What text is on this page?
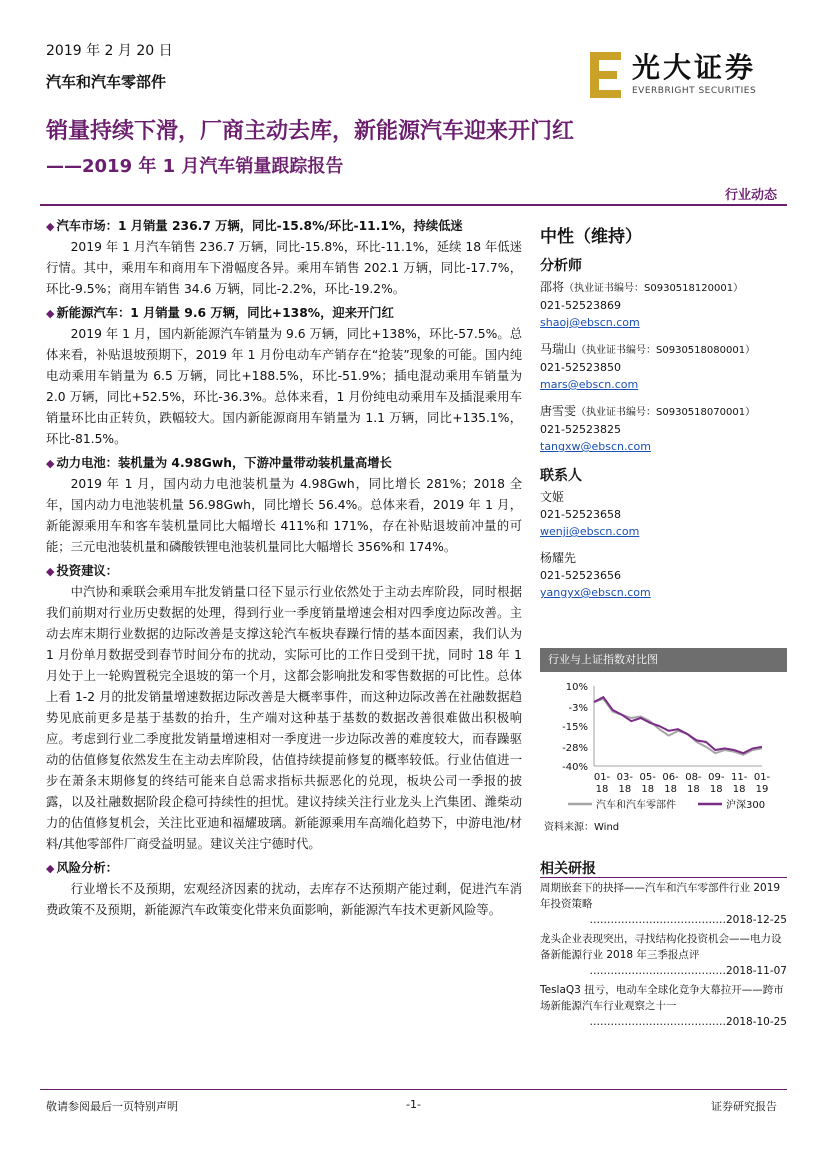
2019 年 2 月 20 日
汽车和汽车零部件	光大证券
EVERBRIGHT SECURITIES
销量持续下滑，厂商主动去库，新能源汽车迎来开门红
——2019 年 1 月汽车销量跟踪报告
行业动态
◆ 汽车市场：1 月销量 236.7 万辆，同比-15.8%/环比-11.1%，持续低迷

2019 年 1 月汽车销售 236.7 万辆，同比-15.8%，环比-11.1%，延续 18 年低迷行情。其中，乘用车和商用车下滑幅度各异。乘用车销售 202.1 万辆，同比-17.7%，环比-9.5%；商用车销售 34.6 万辆，同比-2.2%，环比-19.2%。

◆ 新能源汽车：1 月销量 9.6 万辆，同比+138%，迎来开门红

2019 年 1 月，国内新能源汽车销量为 9.6 万辆，同比+138%，环比-57.5%。总体来看，补贴退坡预期下，2019 年 1 月份电动车产销存在“抢装”现象的可能。国内纯电动乘用车销量为 6.5 万辆，同比+188.5%，环比-51.9%；插电混动乘用车销量为 2.0 万辆，同比+52.5%，环比-36.3%。总体来看，1 月份纯电动乘用车及插混乘用车销量环比由正转负，跌幅较大。国内新能源商用车销量为 1.1 万辆，同比+135.1%，环比-81.5%。

◆ 动力电池：装机量为 4.98Gwh，下游冲量带动装机量高增长

2019 年 1 月，国内动力电池装机量为 4.98Gwh，同比增长 281%；2018 全年，国内动力电池装机量 56.98Gwh，同比增长 56.4%。总体来看，2019 年 1 月，新能源乘用车和客车装机量同比大幅增长 411%和 171%，存在补贴退坡前冲量的可能；三元电池装机量和磷酸铁锂电池装机量同比大幅增长 356%和 174%。

◆ 投资建议：

中汽协和乘联会乘用车批发销量口径下显示行业依然处于主动去库阶段，同时根据我们前期对行业历史数据的处理，得到行业一季度销量增速会相对四季度边际改善。主动去库末期行业数据的边际改善是支撑这轮汽车板块春躁行情的基本面因素，我们认为 1 月份单月数据受到春节时间分布的扰动，实际可比的工作日受到干扰，同时 18 年 1 月处于上一轮购置税完全退坡的第一个月，这都会影响批发和零售数据的可比性。总体上看 1-2 月的批发销量增速数据边际改善是大概率事件，而这种边际改善在社融数据趋势见底前更多是基于基数的抬升，生产端对这种基于基数的数据改善很难做出积极响应。考虑到行业二季度批发销量增速相对一季度进一步边际改善的难度较大，而春躁驱动的估值修复依然发生在主动去库阶段，估值持续提前修复的概率较低。行业估值进一步在萧条末期修复的终结可能来自总需求指标共振恶化的兑现，板块公司一季报的披露，以及社融数据阶段企稳可持续性的担忧。建议持续关注行业龙头上汽集团、潍柴动力的估值修复机会，关注比亚迪和福耀玻璃。新能源乘用车高端化趋势下，中游电池/材料/其他零部件厂商受益明显。建议关注宁德时代。

◆ 风险分析：

行业增长不及预期，宏观经济因素的扰动，去库存不达预期产能过剩，促进汽车消费政策不及预期，新能源汽车政策变化带来负面影响，新能源汽车技术更新风险等。

中性（维持）
分析师
邵将（执业证书编号：S0930518120001）
021-52523869
shaoj@ebscn.com
马瑞山（执业证书编号：S0930518080001）
021-52523850
mars@ebscn.com
唐雪雯（执业证书编号：S0930518070001）
021-52523825
tangxw@ebscn.com
联系人
文姬
021-52523658
wenji@ebscn.com
杨耀先
021-52523656
yangyx@ebscn.com
行业与上证指数对比图
10%
-3%
-15%
-28%
-40%
01-
18
03-
18
05-
18
06-
18
08-
18
09-
18
11-
18
01-
19
汽车和汽车零部件	沪深300
资料来源：Wind
相关研报
周期嵌套下的抉择——汽车和汽车零部件行业 2019 年投资策略
…………………………………2018-12-25
龙头企业表现突出，寻找结构化投资机会——电力设备新能源行业 2018 年三季报点评
…………………………………2018-11-07
TeslaQ3 扭亏，电动车全球化竞争大幕拉开——跨市场新能源汽车行业观察之十一
…………………………………2018-10-25
敬请参阅最后一页特别声明	-1-	证券研究报告
